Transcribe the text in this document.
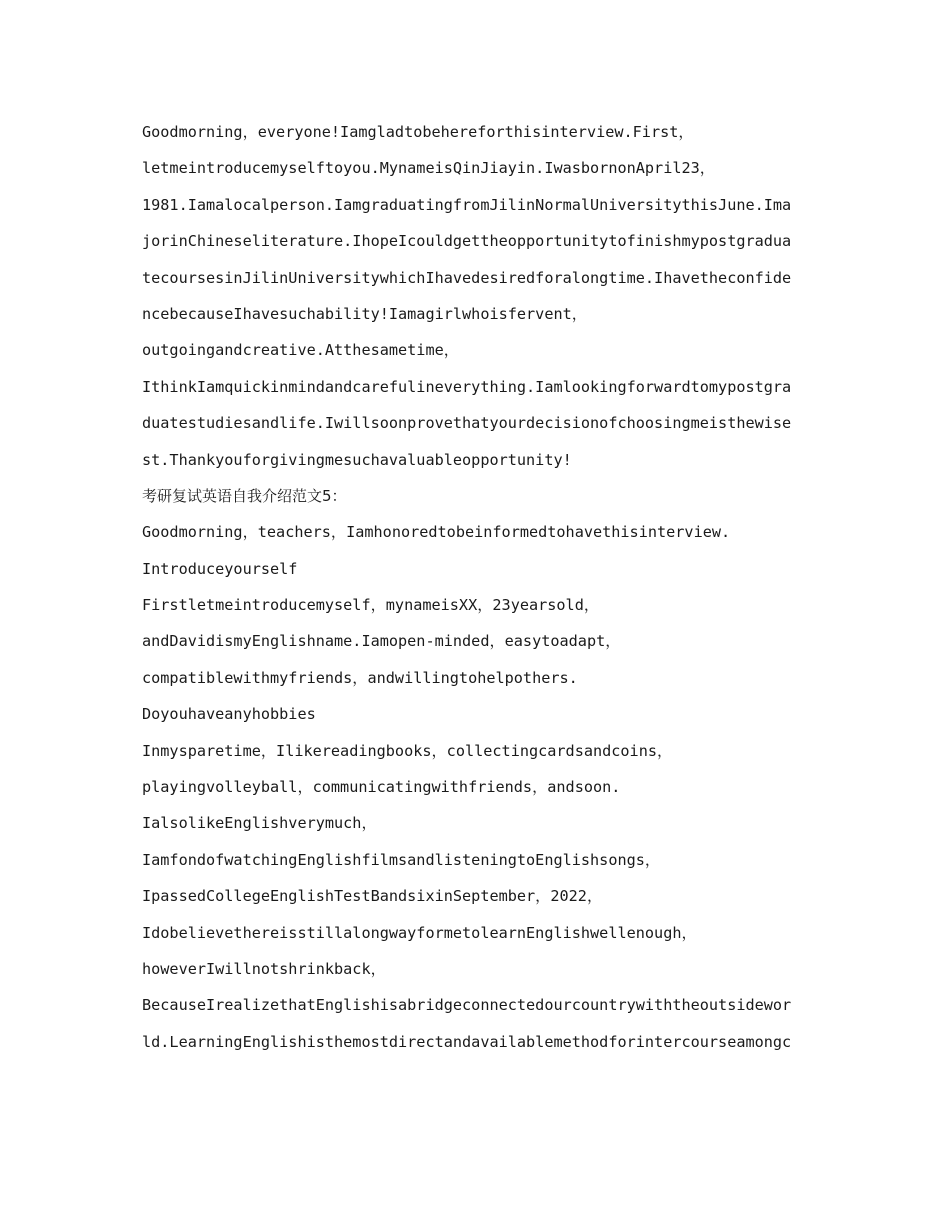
Goodmorning，everyone!Iamgladtobehereforthisinterview.First，
letmeintroducemyselftoyou.MynameisQinJiayin.IwasbornonApril23，
1981.Iamalocalperson.IamgraduatingfromJilinNormalUniversitythisJune.Ima
jorinChineseliterature.IhopeIcouldgettheopportunitytofinishmypostgradua
tecoursesinJilinUniversitywhichIhavedesiredforalongtime.Ihavetheconfide
ncebecauseIhavesuchability!Iamagirlwhoisfervent，
outgoingandcreative.Atthesametime，
IthinkIamquickinmindandcarefulineverything.Iamlookingforwardtomypostgra
duatestudiesandlife.Iwillsoonprovethatyourdecisionofchoosingmeisthewise
st.Thankyouforgivingmesuchavaluableopportunity!
考研复试英语自我介绍范文5：
Goodmorning，teachers，Iamhonoredtobeinformedtohavethisinterview.
Introduceyourself
Firstletmeintroducemyself，mynameisXX，23yearsold，
andDavidismyEnglishname.Iamopen-minded，easytoadapt，
compatiblewithmyfriends，andwillingtohelpothers.
Doyouhaveanyhobbies
Inmysparetime，Ilikereadingbooks，collectingcardsandcoins，
playingvolleyball，communicatingwithfriends，andsoon.
IalsolikeEnglishverymuch，
IamfondofwatchingEnglishfilmsandlisteningtoEnglishsongs，
IpassedCollegeEnglishTestBandsixinSeptember，2022，
IdobelievethereisstillalongwayformetolearnEnglishwellenough，
howeverIwillnotshrinkback，
BecauseIrealizethatEnglishisabridgeconnectedourcountrywiththeoutsidewor
ld.LearningEnglishisthemostdirectandavailablemethodforintercourseamongc
